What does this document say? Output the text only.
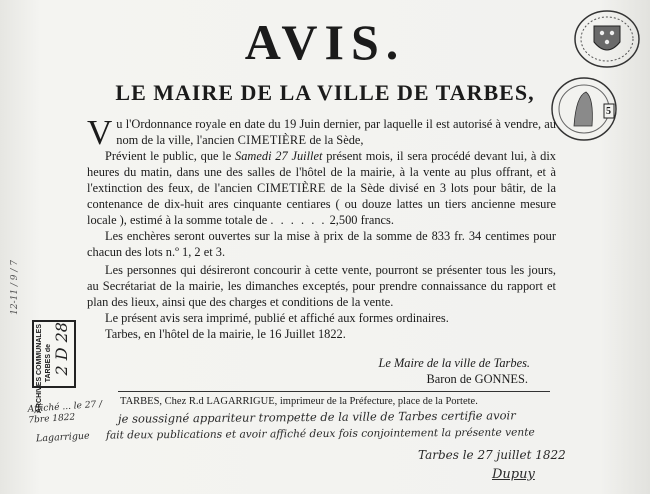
5
AVIS.
LE MAIRE DE LA VILLE DE TARBES,

Vu l'Ordonnance royale en date du 19 Juin dernier, par laquelle il est autorisé à vendre, au nom de la ville, l'ancien CIMETIÈRE de la Sède,

Prévient le public, que le Samedi 27 Juillet présent mois, il sera procédé devant lui, à dix heures du matin, dans une des salles de l'hôtel de la mairie, à la vente au plus offrant, et à l'extinction des feux, de l'ancien CIMETIÈRE de la Sède divisé en 3 lots pour bâtir, de la contenance de dix-huit ares cinquante centiares ( ou douze lattes un tiers ancienne mesure locale ), estimé à la somme totale de . . . . . . 2,500 francs.

Les enchères seront ouvertes sur la mise à prix de la somme de 833 fr. 34 centimes pour chacun des lots n.º 1, 2 et 3.

Les personnes qui désireront concourir à cette vente, pourront se présenter tous les jours, au Secrétariat de la mairie, les dimanches exceptés, pour prendre connaissance du rapport et plan des lieux, ainsi que des charges et conditions de la vente.

Le présent avis sera imprimé, publié et affiché aux formes ordinaires.

Tarbes, en l'hôtel de la mairie, le 16 Juillet 1822.

Le Maire de la ville de Tarbes.
Baron de GONNES.
TARBES, Chez R.d LAGARRIGUE, imprimeur de la Préfecture, place de la Portete.
je soussigné appariteur trompette de la ville de Tarbes certifie avoir
fait deux publications et avoir affiché deux fois conjointement la présente vente
Tarbes le 27 juillet 1822
Dupuy
Affiché ... le 27 / 7bre 1822
Lagarrigue
12-11 / 9 / 7
ARCHIVES COMMUNALES de
TARBES 2 D 28
